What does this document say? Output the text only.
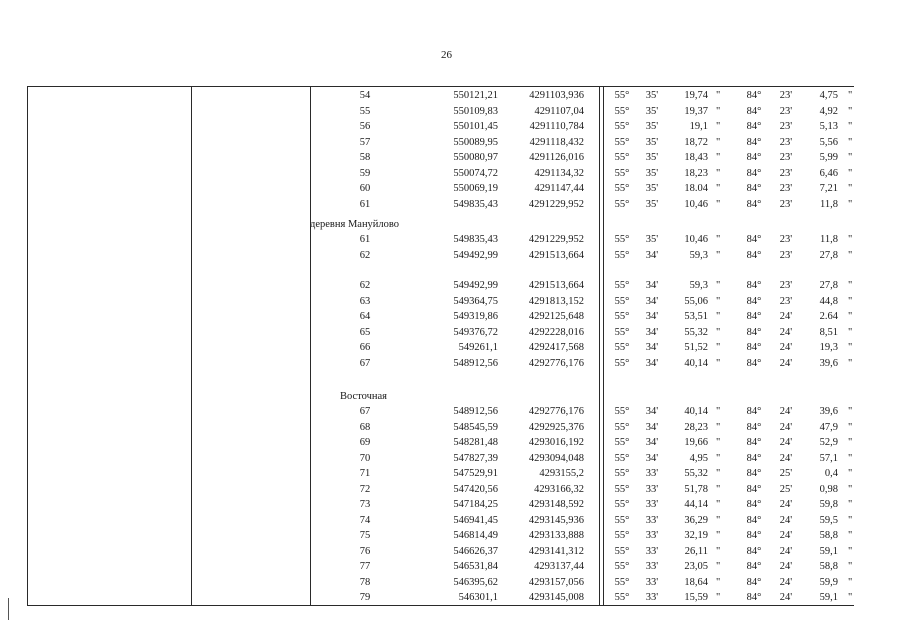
26
54	550121,21	4291103,936	55°	35'	19,74 "	84°	23'	4,75 "
55	550109,83	4291107,04	55°	35'	19,37 "	84°	23'	4,92 "
56	550101,45	4291110,784	55°	35'	19,1 "	84°	23'	5,13 "
57	550089,95	4291118,432	55°	35'	18,72 "	84°	23'	5,56 "
58	550080,97	4291126,016	55°	35'	18,43 "	84°	23'	5,99 "
59	550074,72	4291134,32	55°	35'	18,23 "	84°	23'	6,46 "
60	550069,19	4291147,44	55°	35'	18.04 "	84°	23'	7,21 "
61	549835,43	4291229,952	55°	35'	10,46 "	84°	23'	11,8 "
деревня Мануйлово
61	549835,43	4291229,952	55°	35'	10,46 "	84°	23'	11,8 "
62	549492,99	4291513,664	55°	34'	59,3 "	84°	23'	27,8 "
62	549492,99	4291513,664	55°	34'	59,3 "	84°	23'	27,8 "
63	549364,75	4291813,152	55°	34'	55,06 "	84°	23'	44,8 "
64	549319,86	4292125,648	55°	34'	53,51 "	84°	24'	2.64 "
65	549376,72	4292228,016	55°	34'	55,32 "	84°	24'	8,51 "
66	549261,1	4292417,568	55°	34'	51,52 "	84°	24'	19,3 "
67	548912,56	4292776,176	55°	34'	40,14 "	84°	24'	39,6 "
Восточная
67	548912,56	4292776,176	55°	34'	40,14 "	84°	24'	39,6 "
68	548545,59	4292925,376	55°	34'	28,23 "	84°	24'	47,9 "
69	548281,48	4293016,192	55°	34'	19,66 "	84°	24'	52,9 "
70	547827,39	4293094,048	55°	34'	4,95 "	84°	24'	57,1 "
71	547529,91	4293155,2	55°	33'	55,32 "	84°	25'	0,4 "
72	547420,56	4293166,32	55°	33'	51,78 "	84°	25'	0,98 "
73	547184,25	4293148,592	55°	33'	44,14 "	84°	24'	59,8 "
74	546941,45	4293145,936	55°	33'	36,29 "	84°	24'	59,5 "
75	546814,49	4293133,888	55°	33'	32,19 "	84°	24'	58,8 "
76	546626,37	4293141,312	55°	33'	26,11 "	84°	24'	59,1 "
77	546531,84	4293137,44	55°	33'	23,05 "	84°	24'	58,8 "
78	546395,62	4293157,056	55°	33'	18,64 "	84°	24'	59,9 "
79	546301,1	4293145,008	55°	33'	15,59 "	84°	24'	59,1 "
